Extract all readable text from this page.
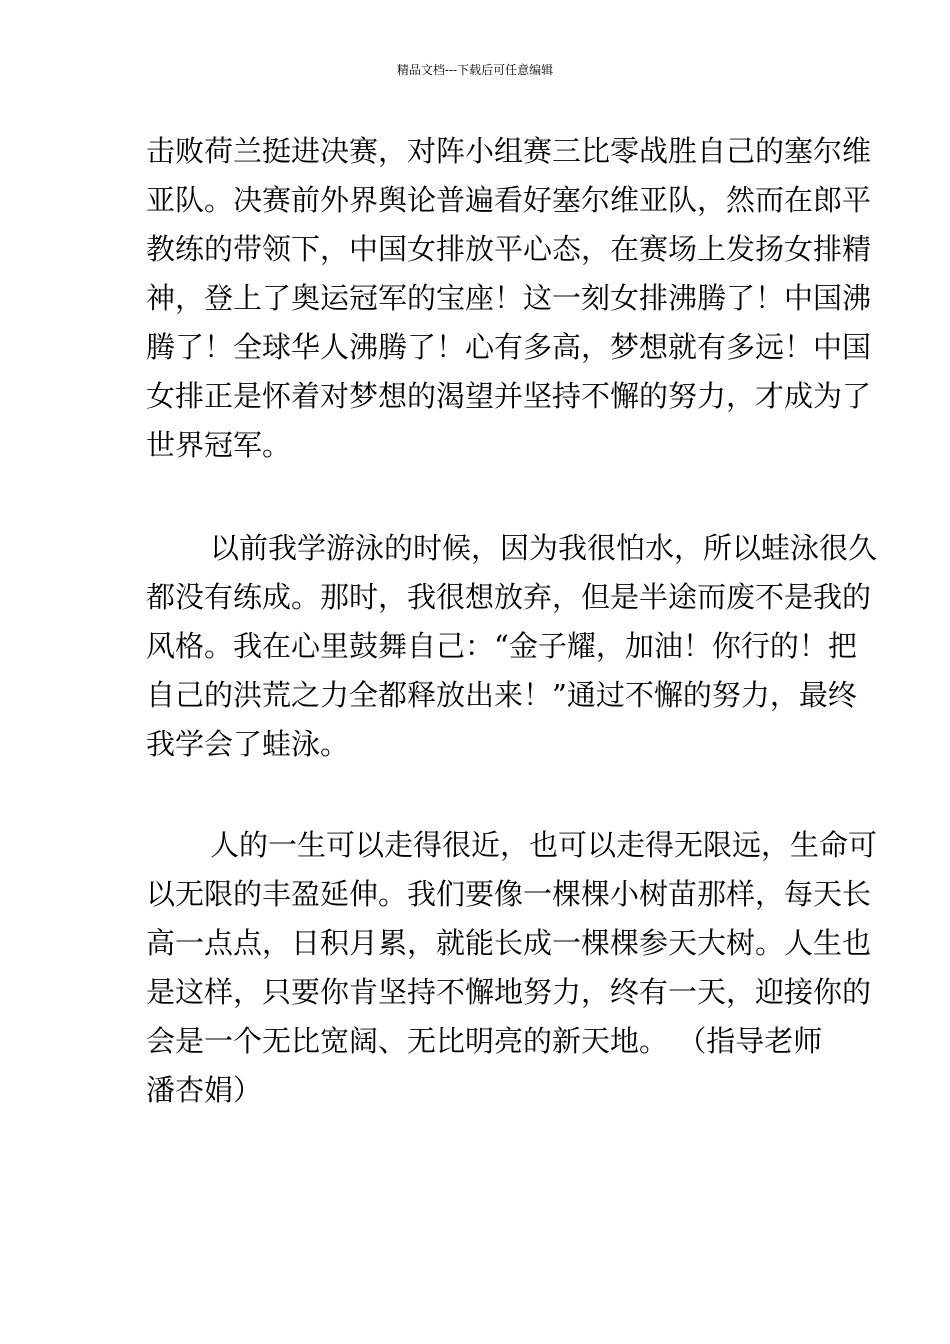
精品文档---下载后可任意编辑
击败荷兰挺进决赛，对阵小组赛三比零战胜自己的塞尔维
亚队。决赛前外界舆论普遍看好塞尔维亚队，然而在郎平
教练的带领下，中国女排放平心态，在赛场上发扬女排精
神，登上了奥运冠军的宝座！这一刻女排沸腾了！中国沸
腾了！全球华人沸腾了！心有多高，梦想就有多远！中国
女排正是怀着对梦想的渴望并坚持不懈的努力，才成为了
世界冠军。
以前我学游泳的时候，因为我很怕水，所以蛙泳很久
都没有练成。那时，我很想放弃，但是半途而废不是我的
风格。我在心里鼓舞自己：“金子耀，加油！你行的！把
自己的洪荒之力全都释放出来！”通过不懈的努力，最终
我学会了蛙泳。
人的一生可以走得很近，也可以走得无限远，生命可
以无限的丰盈延伸。我们要像一棵棵小树苗那样，每天长
高一点点，日积月累，就能长成一棵棵参天大树。人生也
是这样，只要你肯坚持不懈地努力，终有一天，迎接你的
会是一个无比宽阔、无比明亮的新天地。 （指导老师
潘杏娟）
